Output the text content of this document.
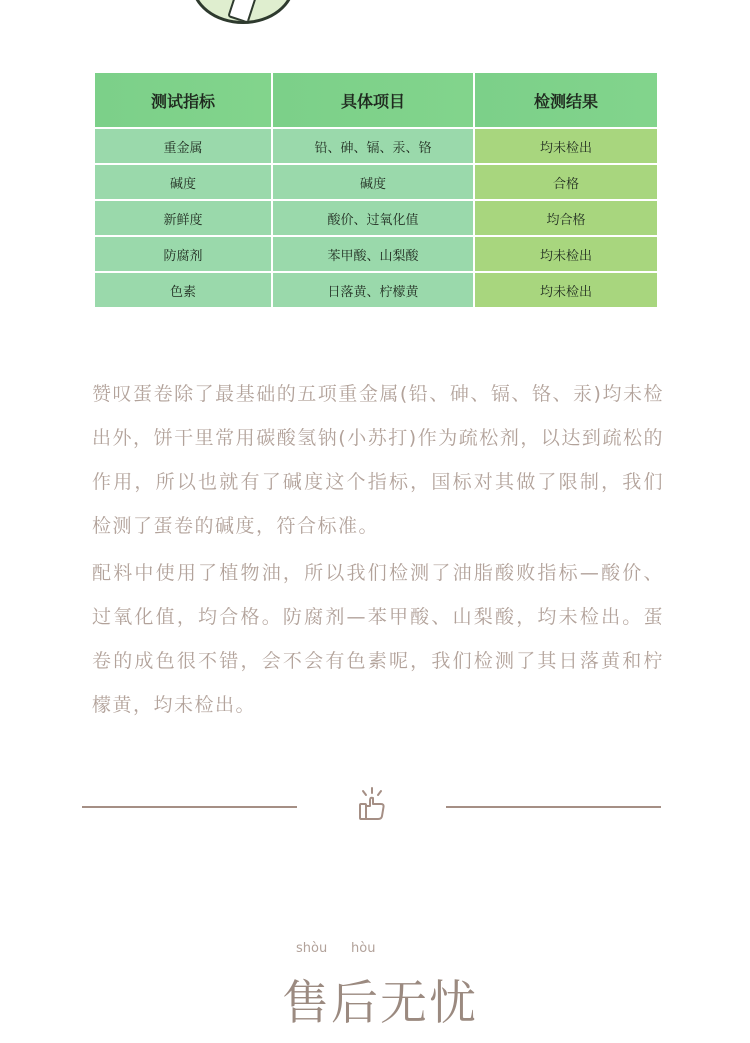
测试指标	具体项目	检测结果
重金属	铅、砷、镉、汞、铬	均未检出
碱度	碱度	合格
新鲜度	酸价、过氧化值	均合格
防腐剂	苯甲酸、山梨酸	均未检出
色素	日落黄、柠檬黄	均未检出

赞叹蛋卷除了最基础的五项重金属(铅、砷、镉、铬、汞)均未检出外，饼干里常用碳酸氢钠(小苏打)作为疏松剂，以达到疏松的作用，所以也就有了碱度这个指标，国标对其做了限制，我们检测了蛋卷的碱度，符合标准。

配料中使用了植物油，所以我们检测了油脂酸败指标—酸价、过氧化值，均合格。防腐剂—苯甲酸、山梨酸，均未检出。蛋卷的成色很不错，会不会有色素呢，我们检测了其日落黄和柠檬黄，均未检出。

shòu hòu
售后无忧
